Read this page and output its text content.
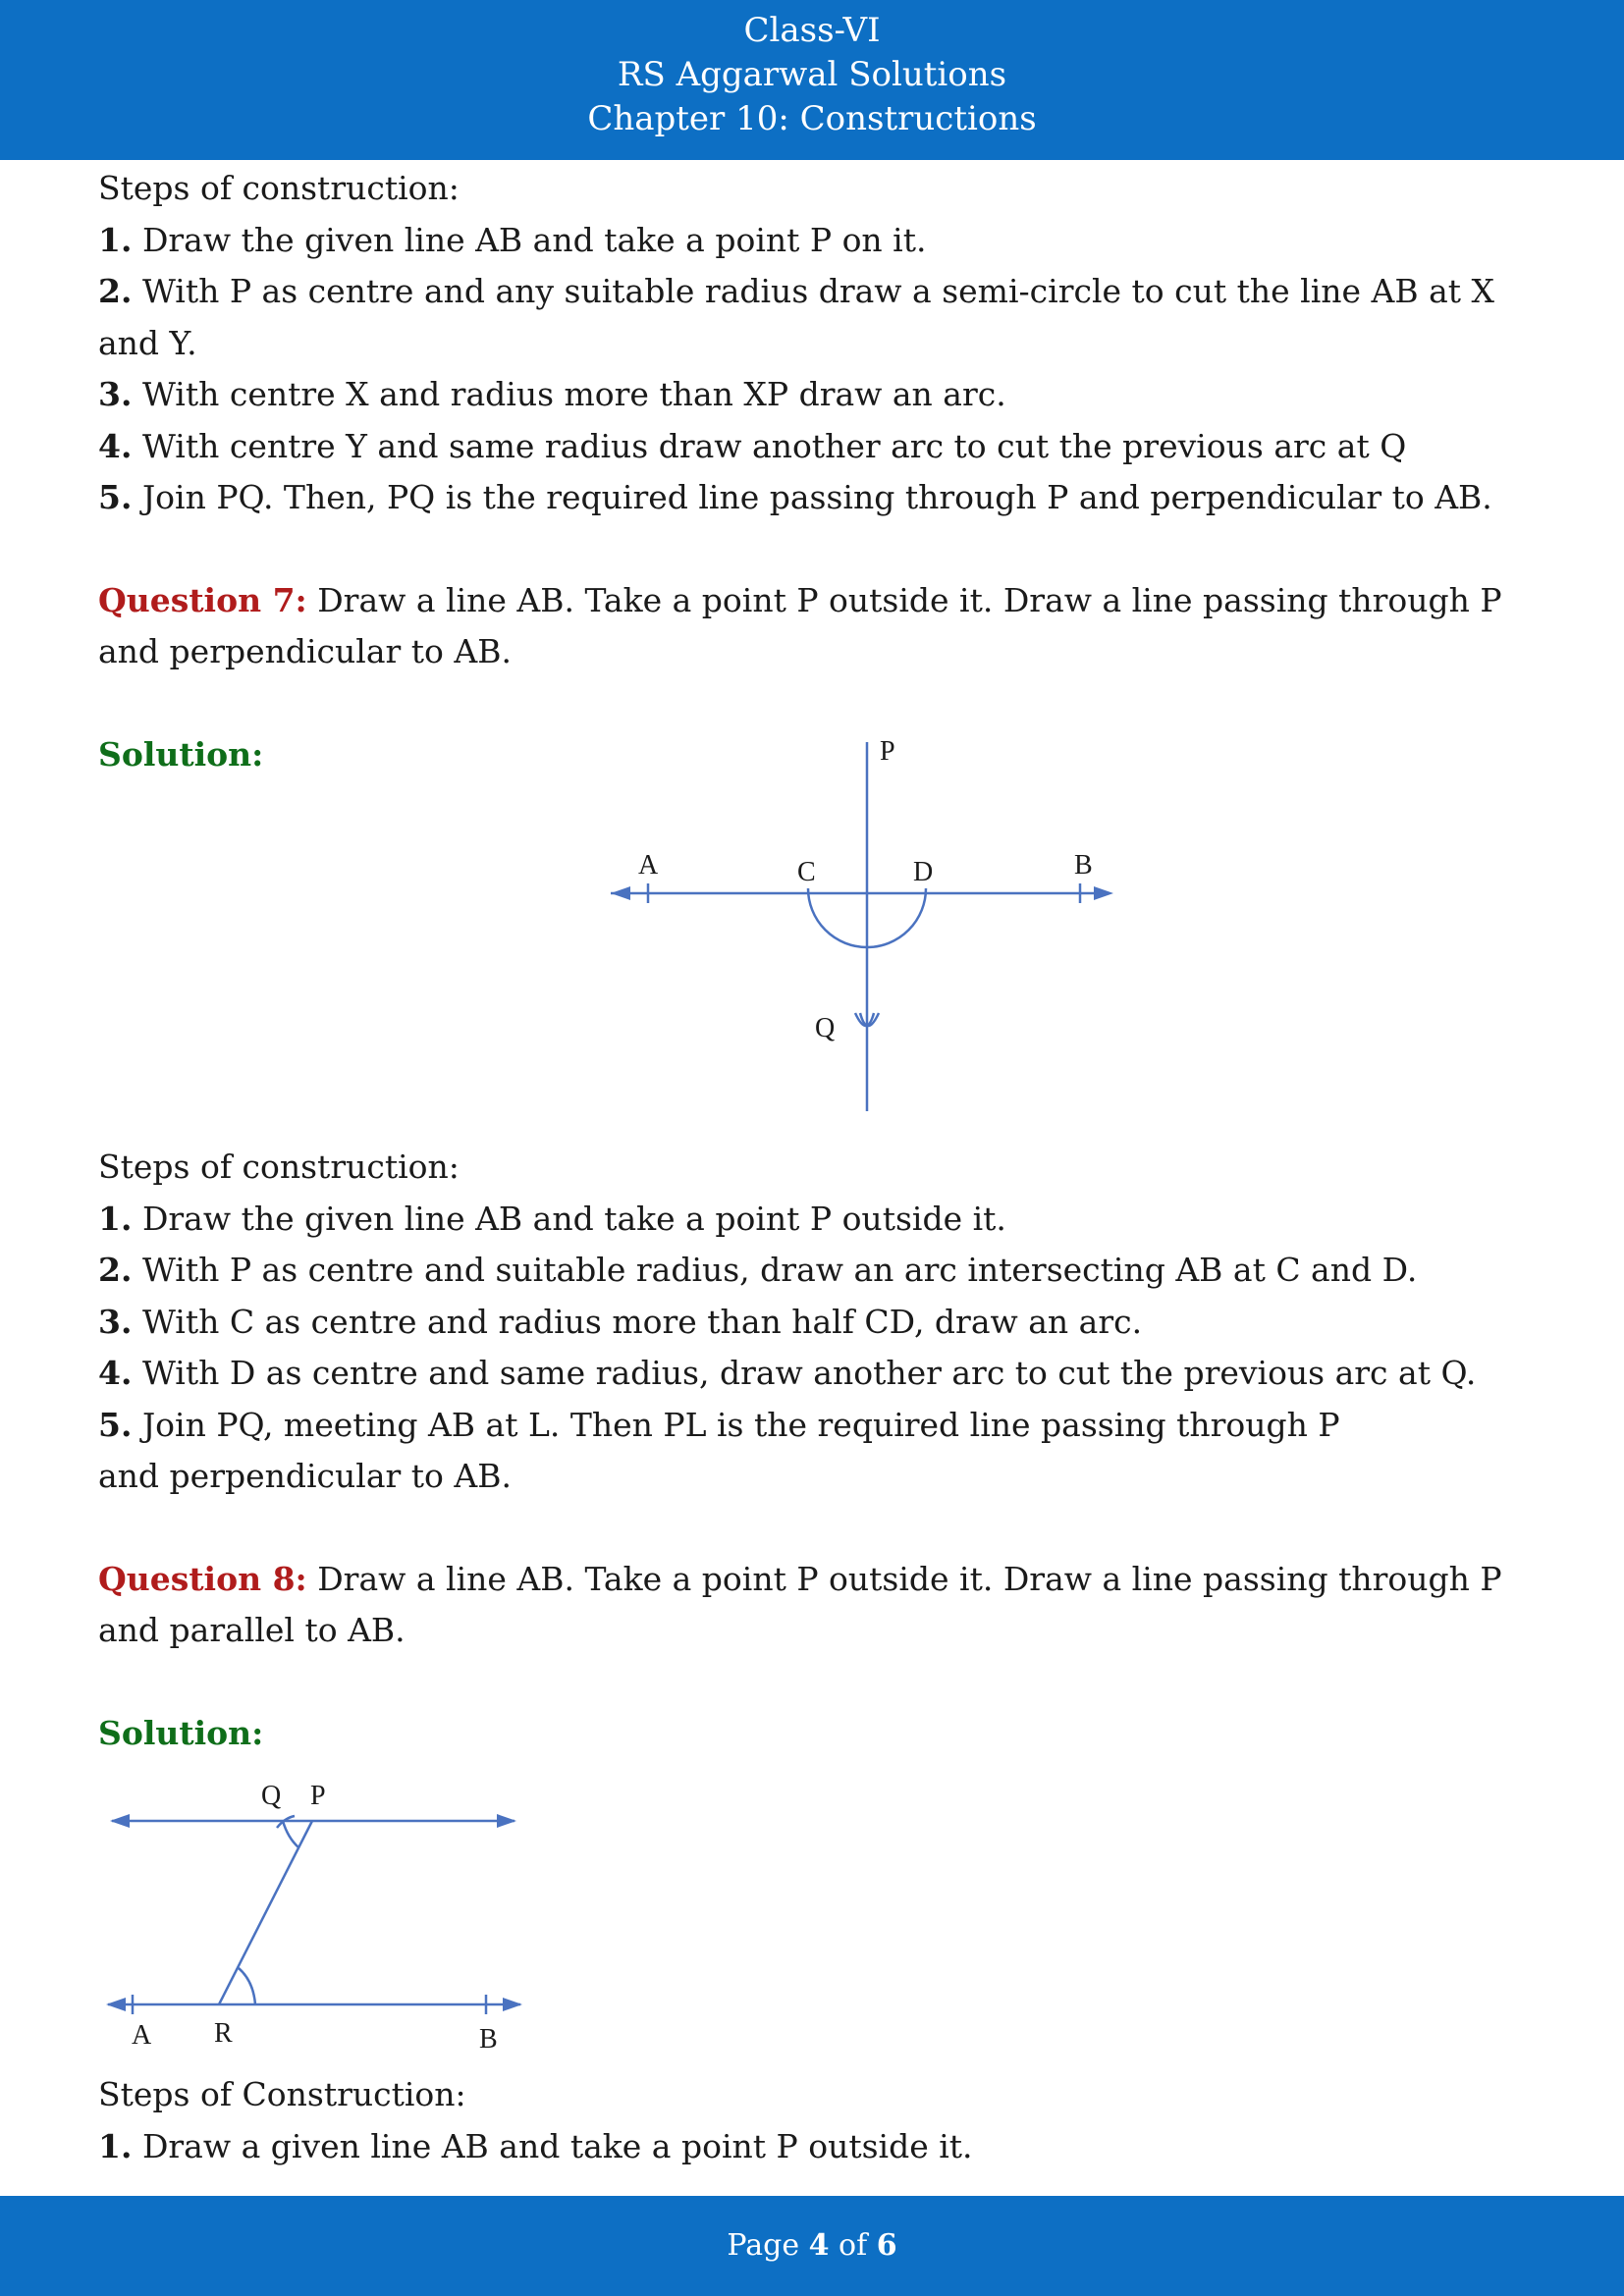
Class-VI
RS Aggarwal Solutions
Chapter 10: Constructions
Steps of construction:
1. Draw the given line AB and take a point P on it.
2. With P as centre and any suitable radius draw a semi-circle to cut the line AB at X and Y.
3. With centre X and radius more than XP draw an arc.
4. With centre Y and same radius draw another arc to cut the previous arc at Q
5. Join PQ. Then, PQ is the required line passing through P and perpendicular to AB.
Question 7: Draw a line AB. Take a point P outside it. Draw a line passing through P and perpendicular to AB.
Solution:
Steps of construction:
1. Draw the given line AB and take a point P outside it.
2. With P as centre and suitable radius, draw an arc intersecting AB at C and D.
3. With C as centre and radius more than half CD, draw an arc.
4. With D as centre and same radius, draw another arc to cut the previous arc at Q.
5. Join PQ, meeting AB at L. Then PL is the required line passing through P and perpendicular to AB.
Question 8: Draw a line AB. Take a point P outside it. Draw a line passing through P and parallel to AB.
Solution:
Steps of Construction:
1. Draw a given line AB and take a point P outside it.
P
A	C	D	B
Q
Q P
A R	B
Page 4 of 6
